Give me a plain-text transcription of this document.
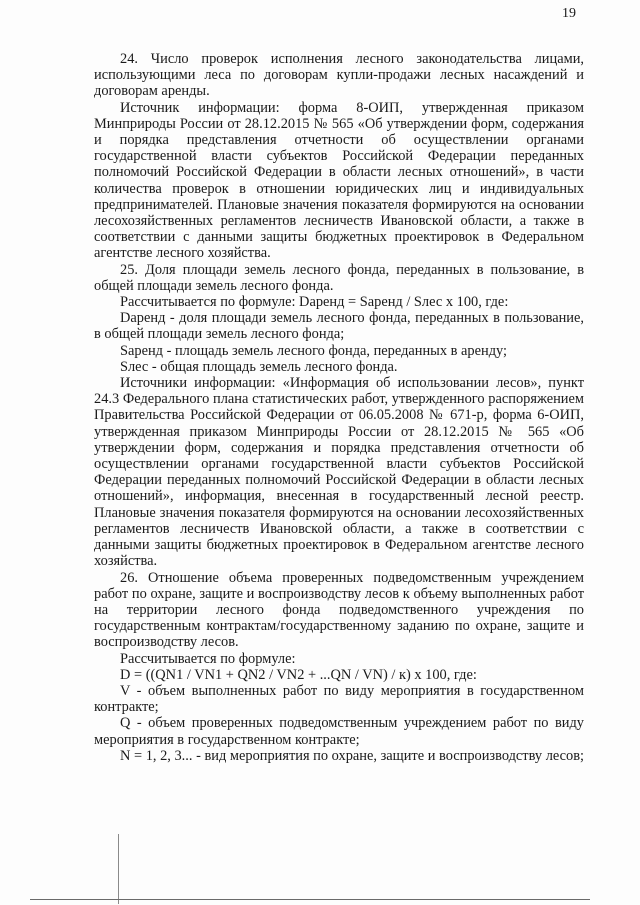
19

24. Число проверок исполнения лесного законодательства лицами, использующими леса по договорам купли-продажи лесных насаждений и договорам аренды.

Источник информации: форма 8-ОИП, утвержденная приказом Минприроды России от 28.12.2015 № 565 «Об утверждении форм, содержания и порядка представления отчетности об осуществлении органами государственной власти субъектов Российской Федерации переданных полномочий Российской Федерации в области лесных отношений», в части количества проверок в отношении юридических лиц и индивидуальных предпринимателей. Плановые значения показателя формируются на основании лесохозяйственных регламентов лесничеств Ивановской области, а также в соответствии с данными защиты бюджетных проектировок в Федеральном агентстве лесного хозяйства.

25. Доля площади земель лесного фонда, переданных в пользование, в общей площади земель лесного фонда.

Рассчитывается по формуле: Dаренд = Sаренд / Sлес x 100, где:

Dаренд - доля площади земель лесного фонда, переданных в пользование, в общей площади земель лесного фонда;

Sаренд - площадь земель лесного фонда, переданных в аренду;

Sлес - общая площадь земель лесного фонда.

Источники информации: «Информация об использовании лесов», пункт 24.3 Федерального плана статистических работ, утвержденного распоряжением Правительства Российской Федерации от 06.05.2008 № 671-р, форма 6-ОИП, утвержденная приказом Минприроды России от 28.12.2015 № 565 «Об утверждении форм, содержания и порядка представления отчетности об осуществлении органами государственной власти субъектов Российской Федерации переданных полномочий Российской Федерации в области лесных отношений», информация, внесенная в государственный лесной реестр. Плановые значения показателя формируются на основании лесохозяйственных регламентов лесничеств Ивановской области, а также в соответствии с данными защиты бюджетных проектировок в Федеральном агентстве лесного хозяйства.

26. Отношение объема проверенных подведомственным учреждением работ по охране, защите и воспроизводству лесов к объему выполненных работ на территории лесного фонда подведомственного учреждения по государственным контрактам/государственному заданию по охране, защите и воспроизводству лесов.

Рассчитывается по формуле:

D = ((QN1 / VN1 + QN2 / VN2 + ...QN / VN) / к) x 100, где:

V - объем выполненных работ по виду мероприятия в государственном контракте;

Q - объем проверенных подведомственным учреждением работ по виду мероприятия в государственном контракте;

N = 1, 2, 3... - вид мероприятия по охране, защите и воспроизводству лесов;
